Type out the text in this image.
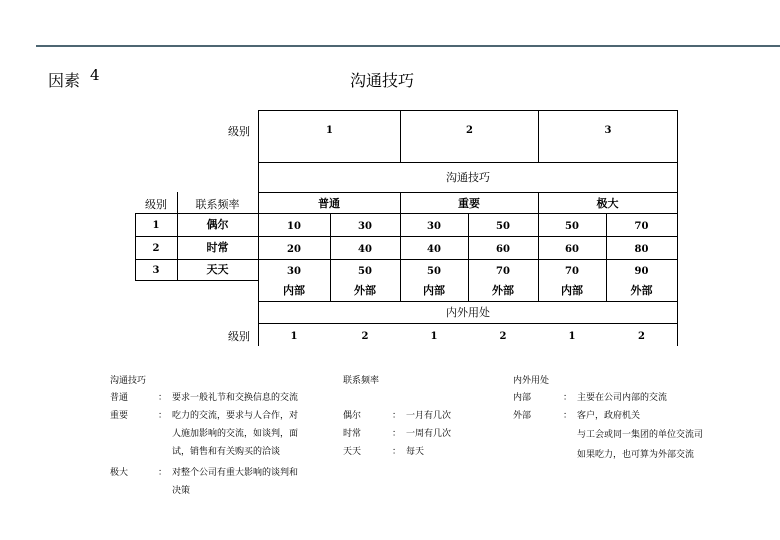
因素 4	沟通技巧
级别	1	2	3
沟通技巧
级别	联系频率	普通	重要	极大
1	偶尔	10	30	30	50	50	70
2	时常	20	40	40	60	60	80
3	天天	30	50	50	70	70	90
内部	外部	内部	外部	内部	外部
内外用处
级别	1	2	1	2	1	2
沟通技巧
普通	： 要求一般礼节和交换信息的交流
重要	： 吃力的交流，要求与人合作，对
人施加影响的交流，如谈判，面
试，销售和有关购买的洽谈
极大	： 对整个公司有重大影响的谈判和
决策
联系频率
偶尔	： 一月有几次
时常	： 一周有几次
天天	： 每天
内外用处
内部	： 主要在公司内部的交流
外部	： 客户，政府机关
与工会或同一集团的单位交流司
如果吃力，也可算为外部交流
